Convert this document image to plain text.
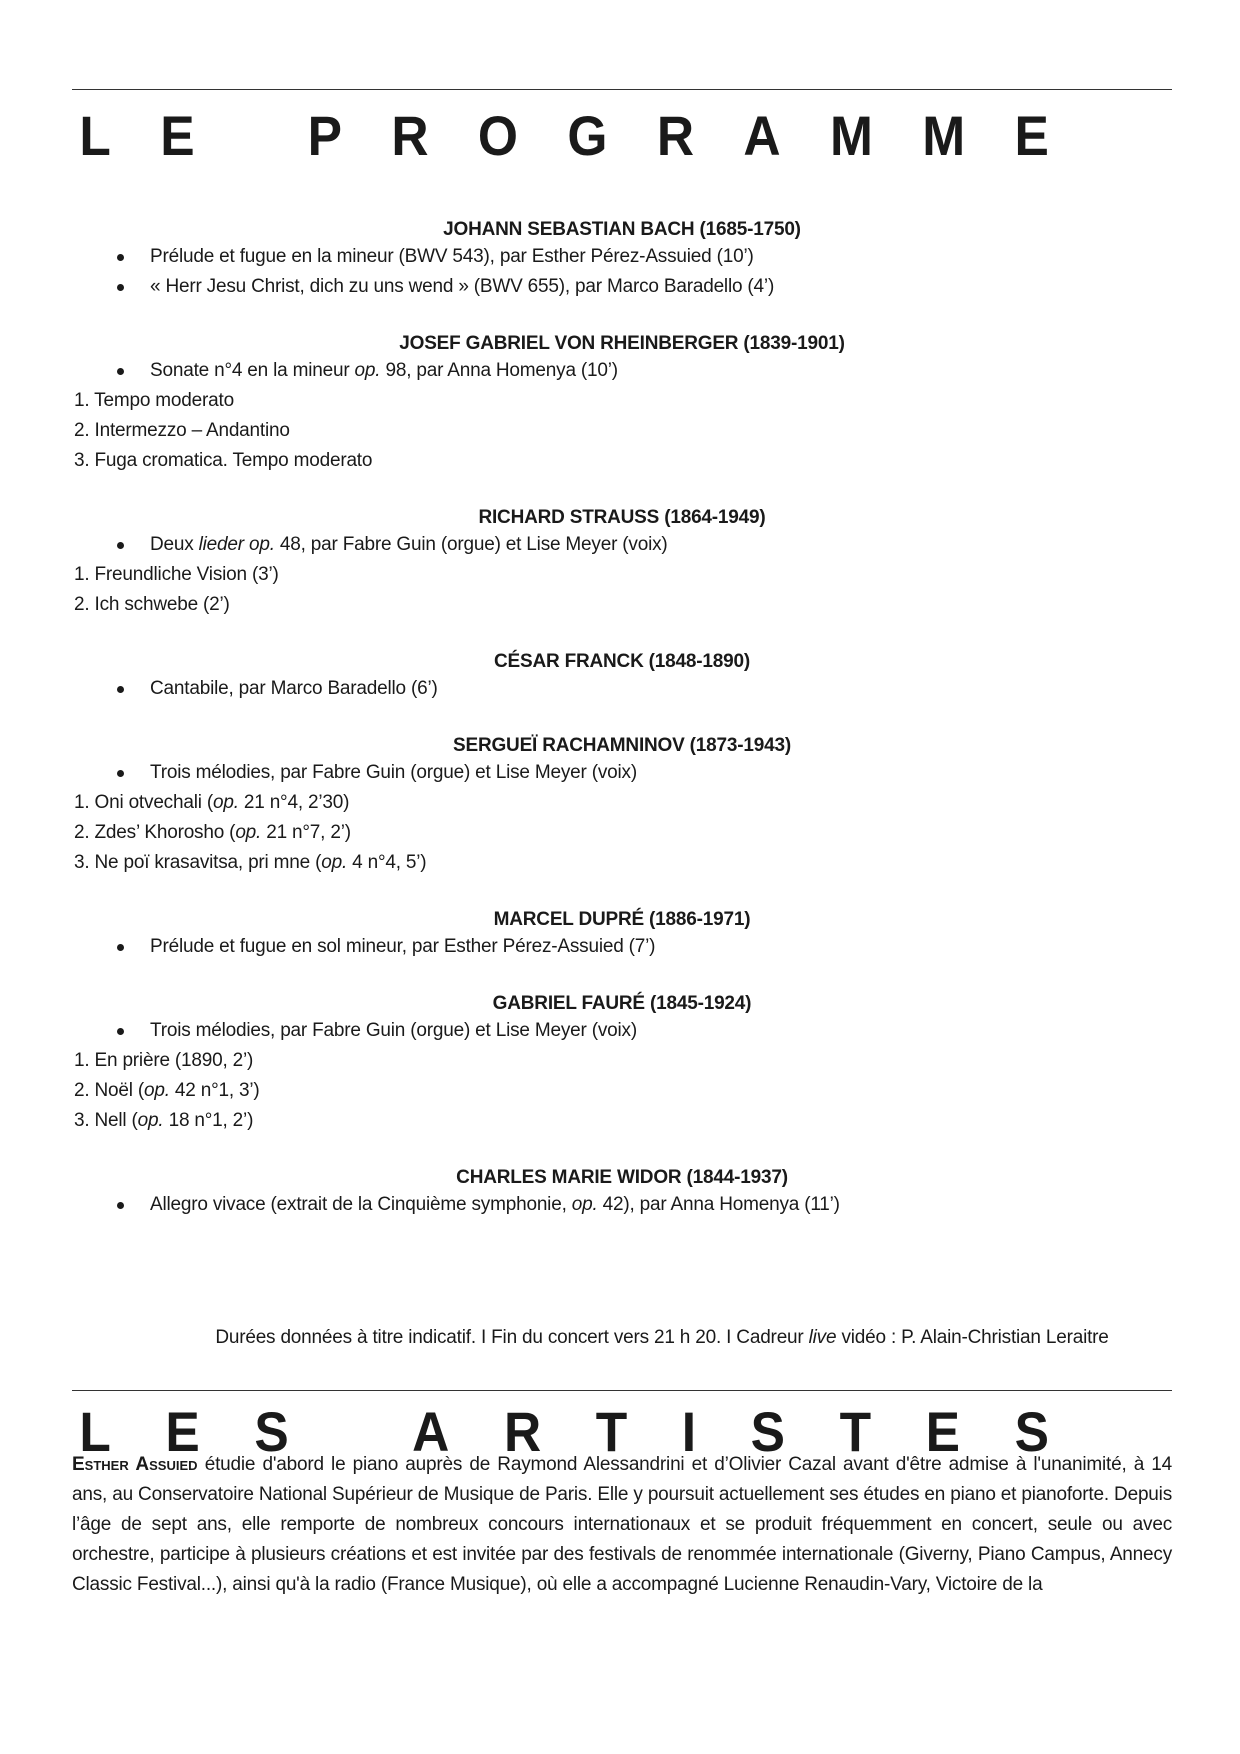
L E
P R O G R A M M E

JOHANN SEBASTIAN BACH (1685-1750)

Prélude et fugue en la mineur (BWV 543), par Esther Pérez-Assuied (10’)
« Herr Jesu Christ, dich zu uns wend » (BWV 655), par Marco Baradello (4’)

JOSEF GABRIEL VON RHEINBERGER (1839-1901)

Sonate n°4 en la mineur op. 98, par Anna Homenya (10’)
1. Tempo moderato
2. Intermezzo – Andantino
3. Fuga cromatica. Tempo moderato

RICHARD STRAUSS (1864-1949)

Deux lieder op. 48, par Fabre Guin (orgue) et Lise Meyer (voix)
1. Freundliche Vision (3’)
2. Ich schwebe (2’)

CÉSAR FRANCK (1848-1890)

Cantabile, par Marco Baradello (6’)

SERGUEÏ RACHAMNINOV (1873-1943)

Trois mélodies, par Fabre Guin (orgue) et Lise Meyer (voix)
1. Oni otvechali (op. 21 n°4, 2’30)
2. Zdes’ Khorosho (op. 21 n°7, 2’)
3. Ne poï krasavitsa, pri mne (op. 4 n°4, 5’)

MARCEL DUPRÉ (1886-1971)

Prélude et fugue en sol mineur, par Esther Pérez-Assuied (7’)

GABRIEL FAURÉ (1845-1924)

Trois mélodies, par Fabre Guin (orgue) et Lise Meyer (voix)
1. En prière (1890, 2’)
2. Noël (op. 42 n°1, 3’)
3. Nell (op. 18 n°1, 2’)

CHARLES MARIE WIDOR (1844-1937)

Allegro vivace (extrait de la Cinquième symphonie, op. 42), par Anna Homenya (11’)
Durées données à titre indicatif. I Fin du concert vers 21 h 20. I Cadreur live vidéo : P. Alain-Christian Leraitre
L E S
A R T I S T E S

Esther Assuied étudie d'abord le piano auprès de Raymond Alessandrini et d’Olivier Cazal avant d'être admise à l'unanimité, à 14 ans, au Conservatoire National Supérieur de Musique de Paris. Elle y poursuit actuellement ses études en piano et pianoforte. Depuis l’âge de sept ans, elle remporte de nombreux concours internationaux et se produit fréquemment en concert, seule ou avec orchestre, participe à plusieurs créations et est invitée par des festivals de renommée internationale (Giverny, Piano Campus, Annecy Classic Festival...), ainsi qu'à la radio (France Musique), où elle a accompagné Lucienne Renaudin-Vary, Victoire de la
